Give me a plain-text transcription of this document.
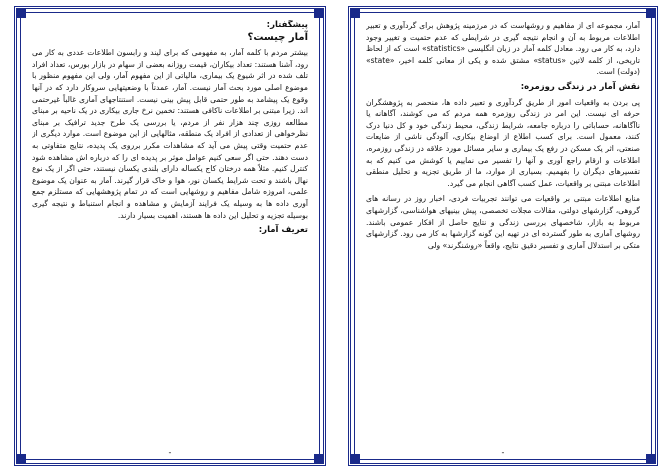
پیشگفتار:
آمار چیست؟

بیشتر مردم با کلمه آمار، به مفهومی که برای لیند و رابسون اطلاعات عددی به کار می رود، آشنا هستند: تعداد بیکاران، قیمت روزانه بعضی از سهام در بازار بورس، تعداد افراد تلف شده در اثر شیوع یک بیماری، مالیاتی از این مفهوم آمار، ولی این مفهوم منظور با موضوع اصلی مورد بحث آمار نیست. آمار، عمدتاً با وضعیتهایی سروکار دارد که در آنها وقوع یک پیشامد به طور حتمی قابل پیش بینی نیست. استنتاجهای آماری غالباً غیرحتمی اند. زیرا مبتنی بر اطلاعات ناکافی هستند: تخمین نرخ جاری بیکاری در یک ناحیه بر مبنای مطالعه روزی چند هزار نفر از مردم، یا بررسی یک طرح جدید ترافیک بر مبنای نظرخواهی از تعدادی از افراد یک منطقه، مثالهایی از این موضوع است. موارد دیگری از عدم حتمیت وقتی پیش می آید که مشاهدات مکرر برروی یک پدیده، نتایج متفاوتی به دست دهند. حتی اگر سعی کنیم عوامل موثر بر پدیده ای را که درباره اش مشاهده شود کنترل کنیم. مثلاً همه درختان کاج یکساله دارای بلندی یکسان نیستند، حتی اگر از یک نوع نهال باشند و تحت شرایط یکسان نور، هوا و خاک قرار گیرند. آمار به عنوان یک موضوع علمی، امروزه شامل مفاهیم و روشهایی است که در تمام پژوهشهایی که مستلزم جمع آوری داده ها به وسیله یک فرایند آزمایش و مشاهده و انجام استنباط و نتیجه گیری بوسیله تجزیه و تحلیل این داده ها هستند، اهمیت بسیار دارند.

تعریف آمار:
-

آمار، مجموعه ای از مفاهیم و روشهاست که در مرزمینه پژوهش برای گردآوری و تعبیر اطلاعات مربوط به آن و انجام نتیجه گیری در شرایطی که عدم حتمیت و تغییر وجود دارد، به کار می رود. معادل کلمه آمار در زبان انگلیسی «statistics» است که از لحاظ تاریخی، از کلمه لاتین «status» مشتق شده و یکی از معانی کلمه اخیر، «state» (دولت) است.

نقش آمار در زندگی روزمره:

پی بردن به واقعیات امور از طریق گردآوری و تعبیر داده ها، منحصر به پژوهشگران حرفه ای نیست. این امر در زندگی روزمره همه مردم که می کوشند، آگاهانه یا ناآگاهانه، حساباتی را درباره جامعه، شرایط زندگی، محیط زندگی خود و کل دنیا درک کنند، معمول است. برای کسب اطلاع از اوضاع بیکاری، آلودگی ناشی از ضایعات صنعتی، اثر یک مسکن در رفع یک بیماری و سایر مسائل مورد علاقه در زندگی روزمره، اطلاعات و ارقام راجع آوری و آنها را تفسیر می نماییم یا کوشش می کنیم که به تفسیرهای دیگران را بفهمیم. بسیاری از موارد، ما از طریق تجزیه و تحلیل منطقی اطلاعات مبتنی بر واقعیات، عمل کسب آگاهی انجام می گیرد.

منابع اطلاعات مبتنی بر واقعیات می توانند تجربیات فردی، اخبار روز در رسانه های گروهی، گزارشهای دولتی، مقالات مجلات تخصصی، پیش بینیهای هواشناسی، گزارشهای مربوط به بازار، شاخصهای بررسی زندگی و نتایج حاصل از افکار عمومی باشند. روشهای آماری به طور گسترده ای در تهیه این گونه گزارشها به کار می رود. گزارشهای متکی بر استدلال آماری و تفسیر دقیق نتایج، واقعاً «روشنگرند» ولی

-
